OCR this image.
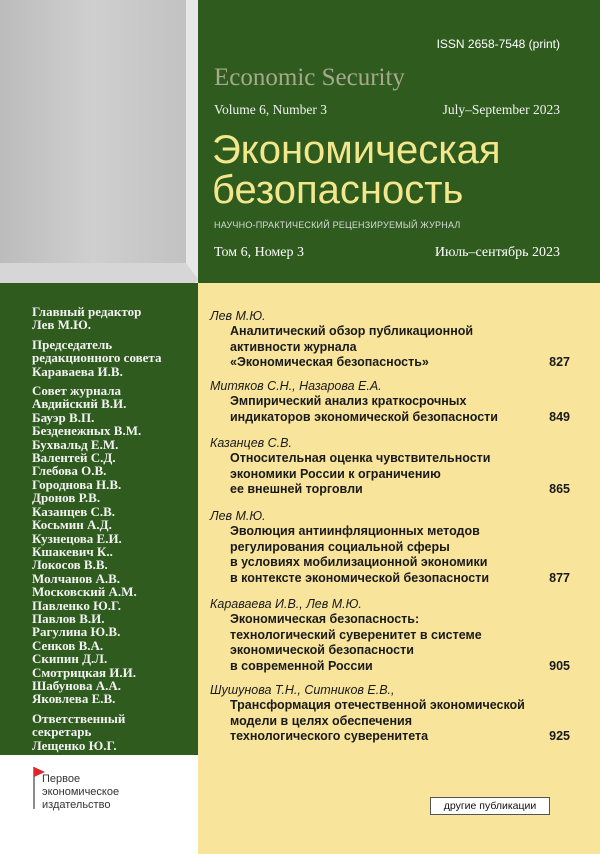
ISSN 2658-7548 (print)
Economic Security
Volume 6, Number 3	July–September 2023
Экономическая
безопасность
НАУЧНО-ПРАКТИЧЕСКИЙ РЕЦЕНЗИРУЕМЫЙ ЖУРНАЛ
Том 6, Номер 3	Июль–сентябрь 2023
Главный редактор
Лев М.Ю.
Председатель
редакционного совета
Караваева И.В.
Совет журнала
Авдийский В.И.
Бауэр В.П.
Безденежных В.М.
Бухвальд Е.М.
Валентей С.Д.
Глебова О.В.
Городнова Н.В.
Дронов Р.В.
Казанцев С.В.
Косьмин А.Д.
Кузнецова Е.И.
Кшакевич К..
Локосов В.В.
Молчанов А.В.
Московский А.М.
Павленко Ю.Г.
Павлов В.И.
Рагулина Ю.В.
Сенков В.А.
Скипин Д.Л.
Смотрицкая И.И.
Шабунова А.А.
Яковлева Е.В.
Ответственный
секретарь
Лещенко Ю.Г.
Первое
экономическое
издательство
Лев М.Ю.
Аналитический обзор публикационной
активности журнала
«Экономическая безопасность»	827
Митяков С.Н., Назарова Е.А.
Эмпирический анализ краткосрочных
индикаторов экономической безопасности	849
Казанцев С.В.
Относительная оценка чувствительности
экономики России к ограничению
ее внешней торговли	865
Лев М.Ю.
Эволюция антиинфляционных методов
регулирования социальной сферы
в условиях мобилизационной экономики
в контексте экономической безопасности	877
Караваева И.В., Лев М.Ю.
Экономическая безопасность:
технологический суверенитет в системе
экономической безопасности
в современной России	905
Шушунова Т.Н., Ситников Е.В.,
Трансформация отечественной экономической
модели в целях обеспечения
технологического суверенитета	925
другие публикации
